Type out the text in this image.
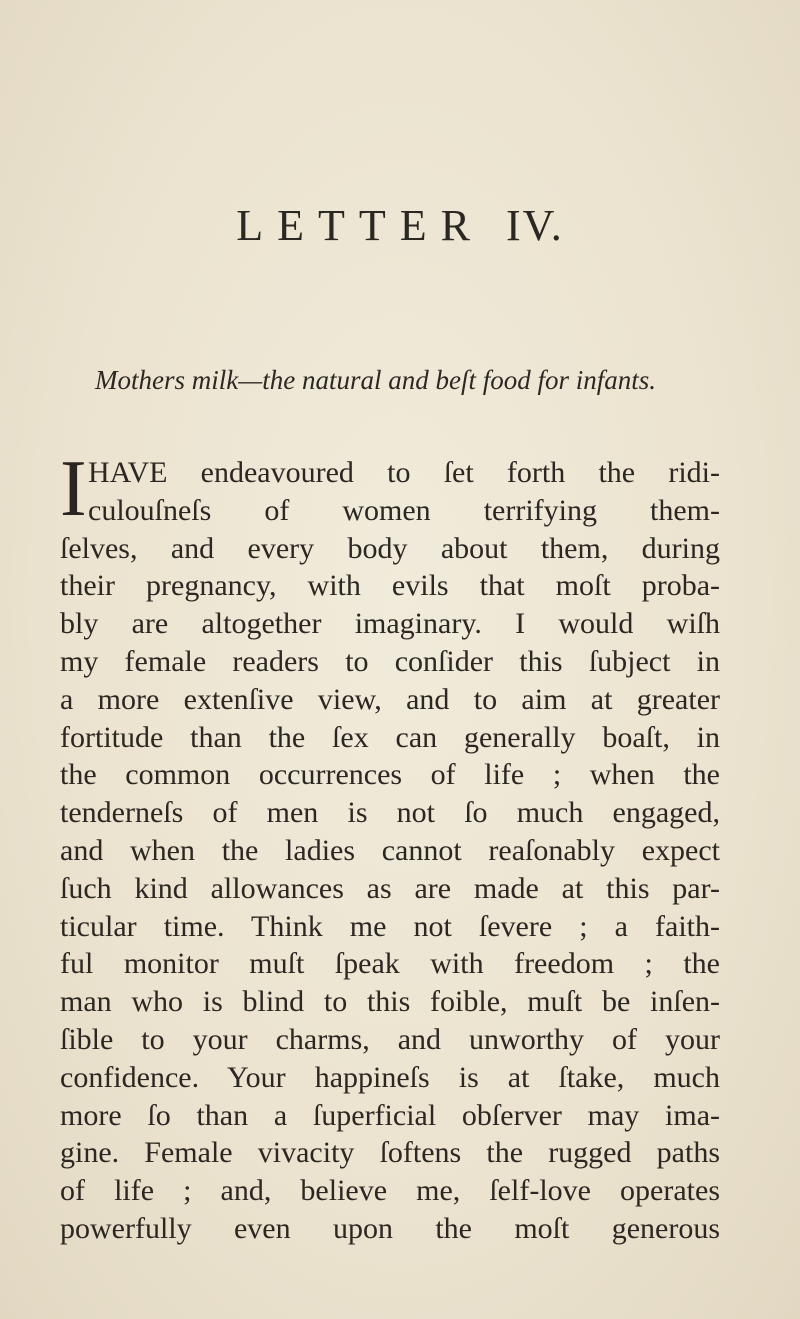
LETTER IV.
Mothers milk—the natural and beſt food for infants.
I HAVE endeavoured to ſet forth the ridi-
culouſneſs of women terrifying them-
ſelves, and every body about them, during
their pregnancy, with evils that moſt proba-
bly are altogether imaginary. I would wiſh
my female readers to conſider this ſubject in
a more extenſive view, and to aim at greater
fortitude than the ſex can generally boaſt, in
the common occurrences of life ; when the
tenderneſs of men is not ſo much engaged,
and when the ladies cannot reaſonably expect
ſuch kind allowances as are made at this par-
ticular time. Think me not ſevere ; a faith-
ful monitor muſt ſpeak with freedom ; the
man who is blind to this foible, muſt be inſen-
ſible to your charms, and unworthy of your
confidence. Your happineſs is at ſtake, much
more ſo than a ſuperficial obſerver may ima-
gine. Female vivacity ſoftens the rugged paths
of life ; and, believe me, ſelf-love operates
powerfully even upon the moſt generous
